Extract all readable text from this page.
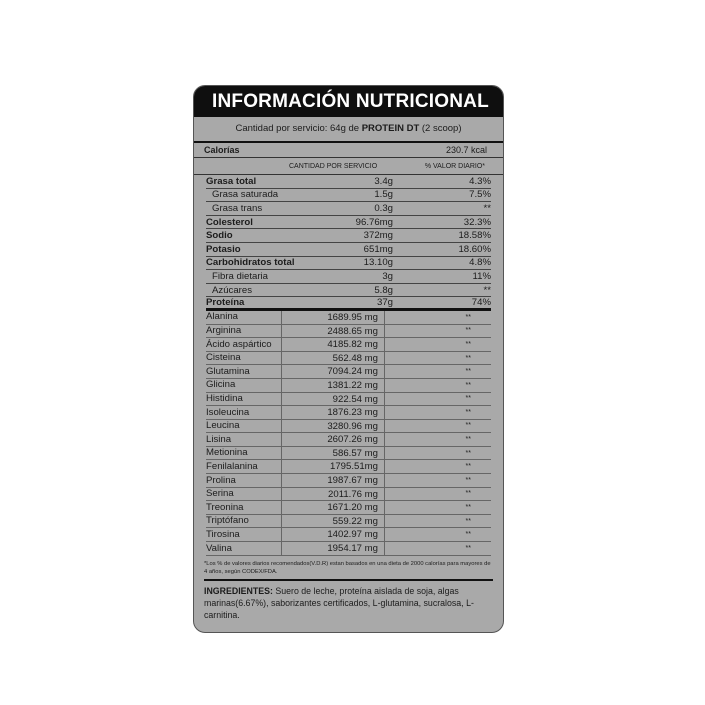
INFORMACIÓN NUTRICIONAL
Cantidad por servicio: 64g de PROTEIN DT (2 scoop)
Calorías	230.7 kcal
CANTIDAD POR SERVICIO	% VALOR DIARIO*
Grasa total	3.4g	4.3%
Grasa saturada	1.5g	7.5%
Grasa trans	0.3g	**
Colesterol	96.76mg	32.3%
Sodio	372mg	18.58%
Potasio	651mg	18.60%
Carbohidratos total	13.10g	4.8%
Fibra dietaria	3g	11%
Azúcares	5.8g	**
Proteína	37g	74%
Alanina	1689.95 mg	**
Arginina	2488.65 mg	**
Ácido aspártico	4185.82 mg	**
Cisteina	562.48 mg	**
Glutamina	7094.24 mg	**
Glicina	1381.22 mg	**
Histidina	922.54 mg	**
Isoleucina	1876.23 mg	**
Leucina	3280.96 mg	**
Lisina	2607.26 mg	**
Metionina	586.57 mg	**
Fenilalanina	1795.51mg	**
Prolina	1987.67 mg	**
Serina	2011.76 mg	**
Treonina	1671.20 mg	**
Triptófano	559.22 mg	**
Tirosina	1402.97 mg	**
Valina	1954.17 mg	**
*Los % de valores diarios recomendados(V.D.R) estan basados en una dieta de 2000 calorías para mayores de 4 años, según CODEX/FDA.
INGREDIENTES: Suero de leche, proteína aislada de soja, algas marinas(6.67%), saborizantes certificados, L-glutamina, sucralosa, L-carnitina.
